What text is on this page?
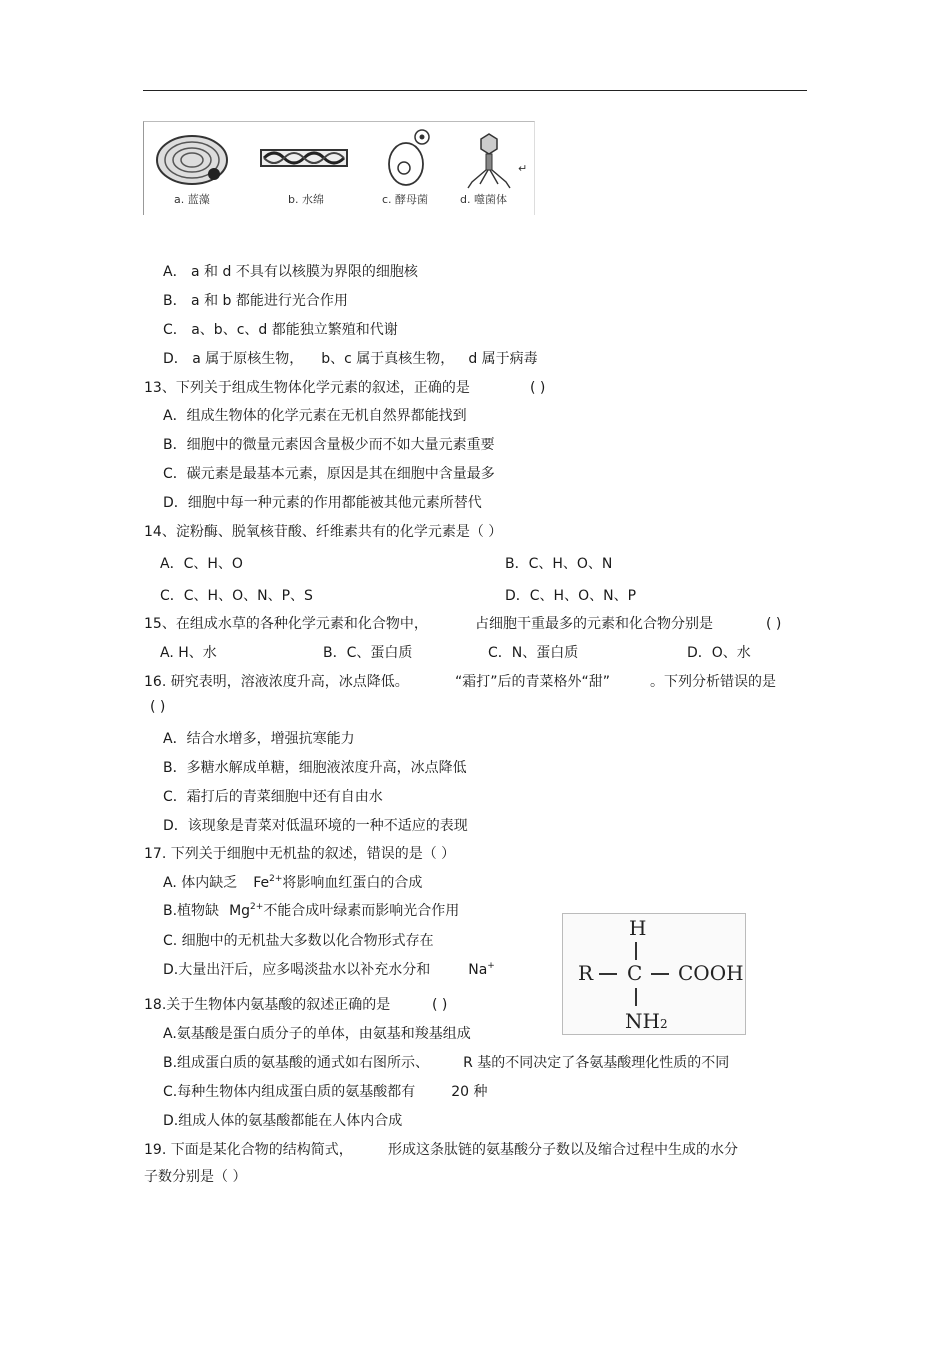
a. 蓝藻	b. 水绵	c. 酵母菌	d. 噬菌体
↵
A． a 和 d 不具有以核膜为界限的细胞核
B． a 和 b 都能进行光合作用
C． a、b、c、d 都能独立繁殖和代谢
D． a 属于原核生物， b、c 属于真核生物， d 属于病毒
13、下列关于组成生物体化学元素的叙述，正确的是	( )
A．组成生物体的化学元素在无机自然界都能找到
B．细胞中的微量元素因含量极少而不如大量元素重要
C．碳元素是最基本元素，原因是其在细胞中含量最多
D．细胞中每一种元素的作用都能被其他元素所替代
14、淀粉酶、脱氧核苷酸、纤维素共有的化学元素是（ ）
A．C、H、O	B．C、H、O、N
C．C、H、O、N、P、S	D．C、H、O、N、P
15、在组成水草的各种化学元素和化合物中，	占细胞干重最多的元素和化合物分别是	( )
A. H、水	B．C、蛋白质	C．N、蛋白质	D．O、水
16. 研究表明，溶液浓度升高，冰点降低。	“霜打”后的青菜格外“甜”	。下列分析错误的是
( )
A．结合水增多，增强抗寒能力
B．多糖水解成单糖，细胞液浓度升高，冰点降低
C．霜打后的青菜细胞中还有自由水
D．该现象是青菜对低温环境的一种不适应的表现
17. 下列关于细胞中无机盐的叙述，错误的是（ ）
A. 体内缺乏 $Fe^{2+}$将影响血红蛋白的合成
B.植物缺 $Mg^{2+}$不能合成叶绿素而影响光合作用
C. 细胞中的无机盐大多数以化合物形式存在
D.大量出汗后，应多喝淡盐水以补充水分和	Na+
H
R C COOH
NH2
18.关于生物体内氨基酸的叙述正确的是	( )
A.氨基酸是蛋白质分子的单体，由氨基和羧基组成
B.组成蛋白质的氨基酸的通式如右图所示、 R 基的不同决定了各氨基酸理化性质的不同
C.每种生物体内组成蛋白质的氨基酸都有	20 种
D.组成人体的氨基酸都能在人体内合成
19. 下面是某化合物的结构简式，	形成这条肽链的氨基酸分子数以及缩合过程中生成的水分
子数分别是（ ）
